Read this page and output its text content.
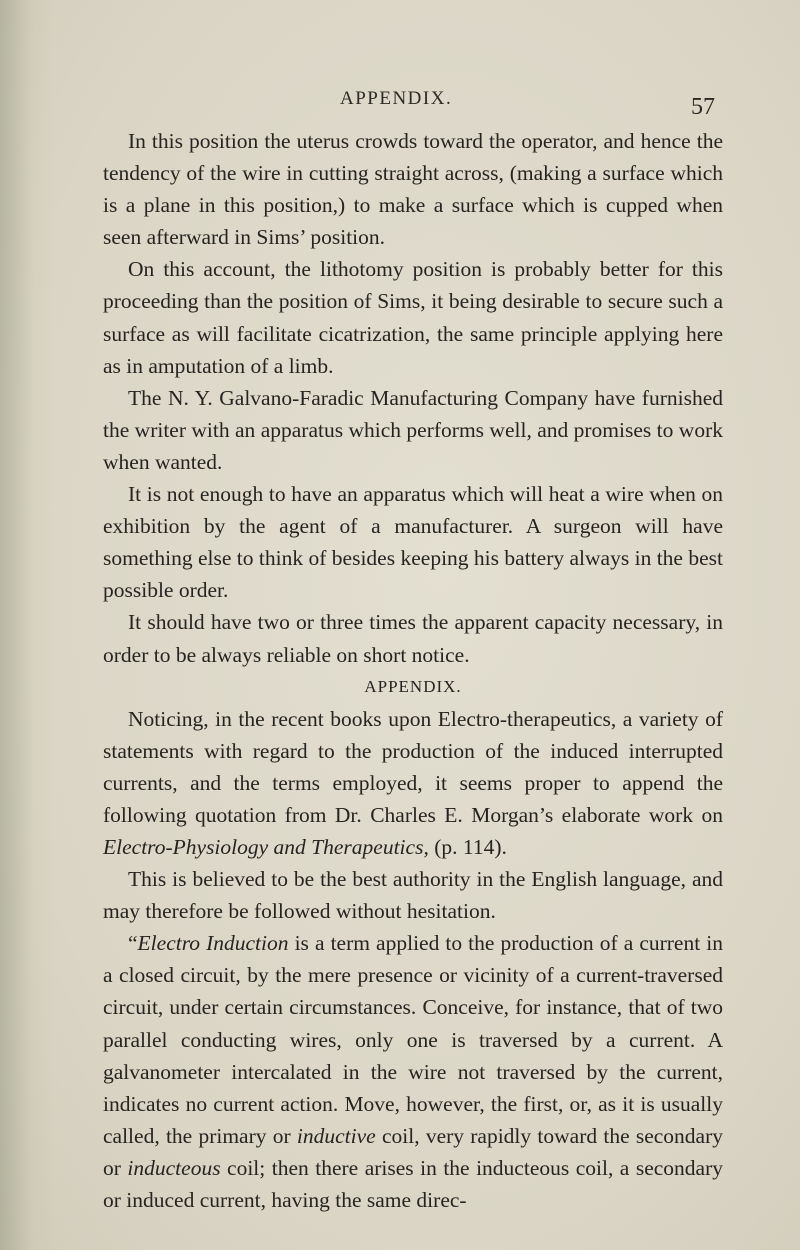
APPENDIX.	57

In this position the uterus crowds toward the operator, and hence the tendency of the wire in cutting straight across, (making a surface which is a plane in this position,) to make a surface which is cupped when seen afterward in Sims’ position.

On this account, the lithotomy position is probably better for this proceeding than the position of Sims, it being desirable to secure such a surface as will facilitate cicatrization, the same principle applying here as in amputation of a limb.

The N. Y. Galvano-Faradic Manufacturing Company have furnished the writer with an apparatus which performs well, and promises to work when wanted.

It is not enough to have an apparatus which will heat a wire when on exhibition by the agent of a manufacturer. A surgeon will have something else to think of besides keeping his battery always in the best possible order.

It should have two or three times the apparent capacity necessary, in order to be always reliable on short notice.

APPENDIX.

Noticing, in the recent books upon Electro-therapeutics, a variety of statements with regard to the production of the induced interrupted currents, and the terms employed, it seems proper to append the following quotation from Dr. Charles E. Morgan’s elaborate work on Electro-Physiology and Therapeutics, (p. 114).

This is believed to be the best authority in the English language, and may therefore be followed without hesitation.

“Electro Induction is a term applied to the production of a current in a closed circuit, by the mere presence or vicinity of a current-traversed circuit, under certain circumstances. Conceive, for instance, that of two parallel conducting wires, only one is traversed by a current. A galvanometer intercalated in the wire not traversed by the current, indicates no current action. Move, however, the first, or, as it is usually called, the primary or inductive coil, very rapidly toward the secondary or inducteous coil; then there arises in the inducteous coil, a secondary or induced current, having the same direc-
